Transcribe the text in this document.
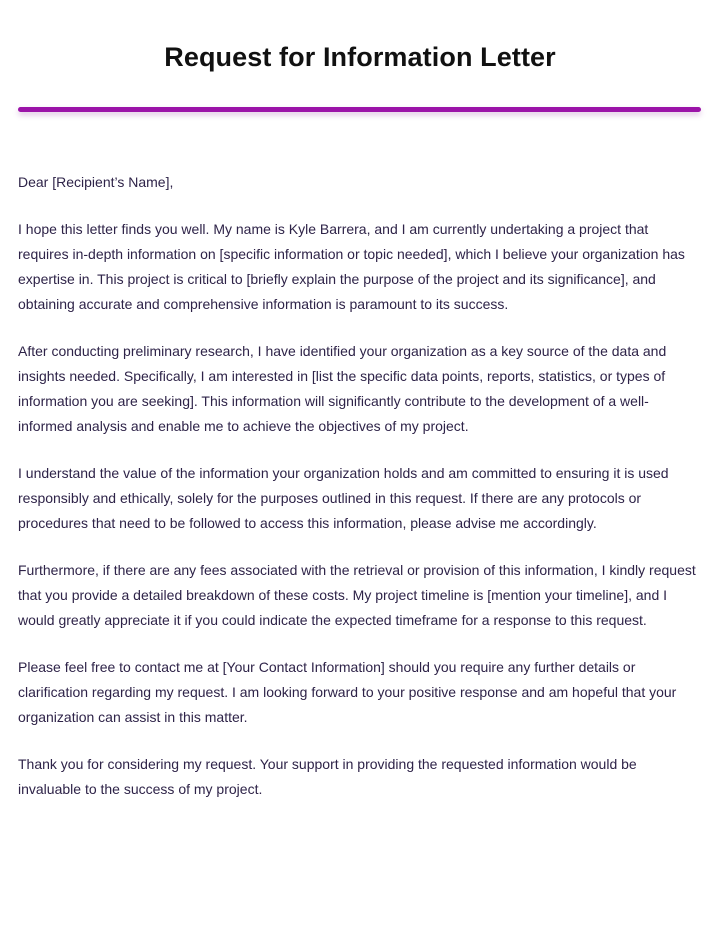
Request for Information Letter

Dear [Recipient’s Name],

I hope this letter finds you well. My name is Kyle Barrera, and I am currently undertaking a project that requires in-depth information on [specific information or topic needed], which I believe your organization has expertise in. This project is critical to [briefly explain the purpose of the project and its significance], and obtaining accurate and comprehensive information is paramount to its success.

After conducting preliminary research, I have identified your organization as a key source of the data and insights needed. Specifically, I am interested in [list the specific data points, reports, statistics, or types of information you are seeking]. This information will significantly contribute to the development of a well-informed analysis and enable me to achieve the objectives of my project.

I understand the value of the information your organization holds and am committed to ensuring it is used responsibly and ethically, solely for the purposes outlined in this request. If there are any protocols or procedures that need to be followed to access this information, please advise me accordingly.

Furthermore, if there are any fees associated with the retrieval or provision of this information, I kindly request that you provide a detailed breakdown of these costs. My project timeline is [mention your timeline], and I would greatly appreciate it if you could indicate the expected timeframe for a response to this request.

Please feel free to contact me at [Your Contact Information] should you require any further details or clarification regarding my request. I am looking forward to your positive response and am hopeful that your organization can assist in this matter.

Thank you for considering my request. Your support in providing the requested information would be invaluable to the success of my project.
